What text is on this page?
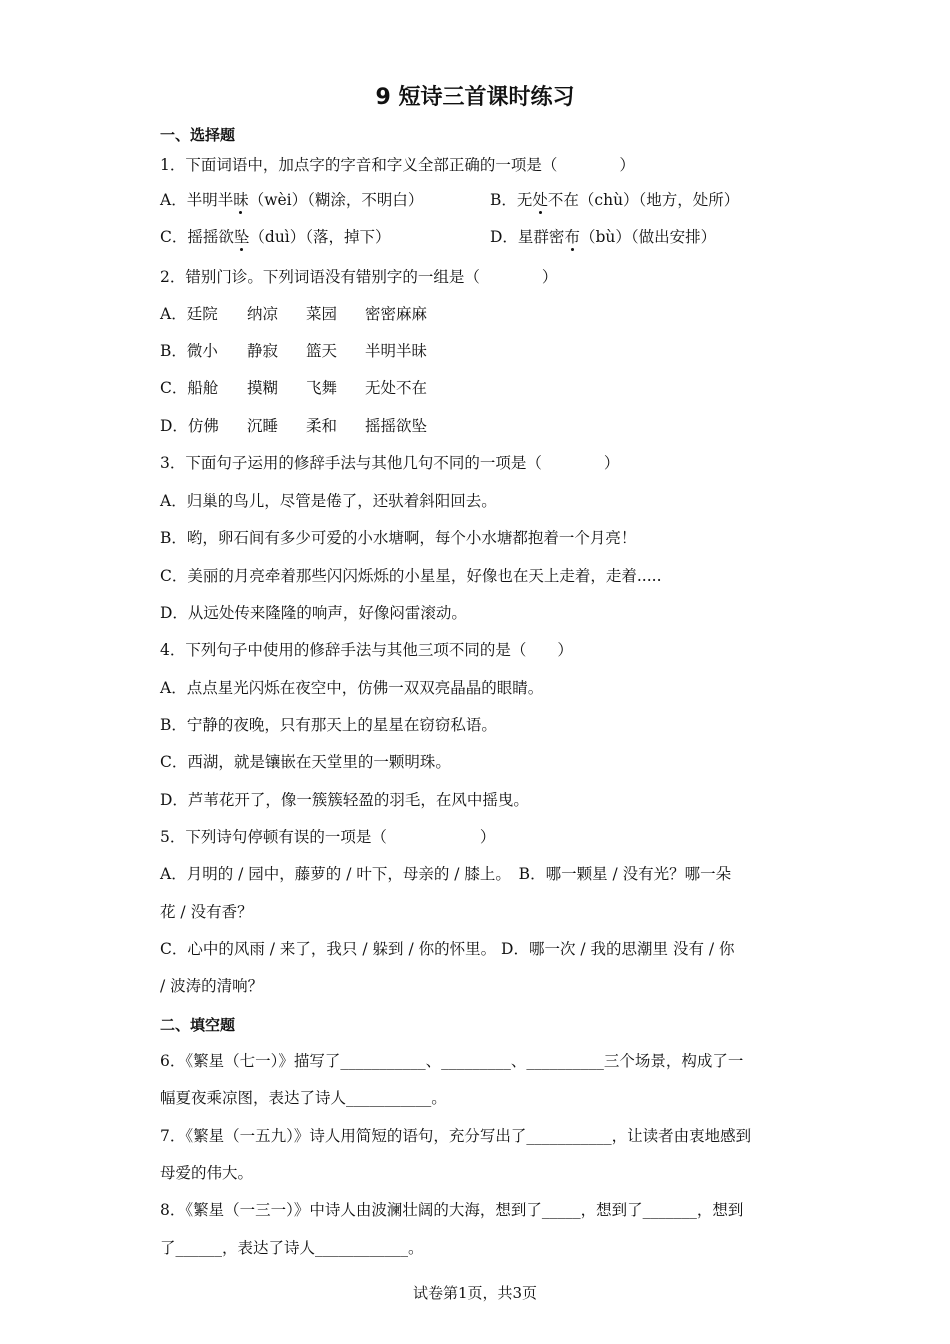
9 短诗三首课时练习
一、选择题
1．下面词语中，加点字的字音和字义全部正确的一项是（　　　　）
A．半明半昧（wèi）（糊涂，不明白）	B．无处不在（chù）（地方，处所）
C．摇摇欲坠（duì）（落，掉下）	D．星群密布（bù）（做出安排）
2．错别门诊。下列词语没有错别字的一组是（　　　　）
A．廷院 纳凉 菜园 密密麻麻
B．微小 静寂 篮天 半明半昧
C．船舱 摸糊 飞舞 无处不在
D．仿佛 沉睡 柔和 摇摇欲坠
3．下面句子运用的修辞手法与其他几句不同的一项是（　　　　）
A．归巢的鸟儿，尽管是倦了，还驮着斜阳回去。
B．哟，卵石间有多少可爱的小水塘啊，每个小水塘都抱着一个月亮！
C．美丽的月亮牵着那些闪闪烁烁的小星星，好像也在天上走着，走着.....
D．从远处传来隆隆的响声，好像闷雷滚动。
4．下列句子中使用的修辞手法与其他三项不同的是（　　）
A．点点星光闪烁在夜空中，仿佛一双双亮晶晶的眼睛。
B．宁静的夜晚，只有那天上的星星在窃窃私语。
C．西湖，就是镶嵌在天堂里的一颗明珠。
D．芦苇花开了，像一簇簇轻盈的羽毛，在风中摇曳。
5．下列诗句停顿有误的一项是（　　　　　　）
A．月明的 / 园中，藤萝的 / 叶下，母亲的 / 膝上。　B．哪一颗星 / 没有光？哪一朵
花 / 没有香？
C．心中的风雨 / 来了，我只 / 躲到 / 你的怀里。 D．哪一次 / 我的思潮里 没有 / 你
/ 波涛的清响？
二、填空题
6．《繁星（七一）》描写了___________、_________、__________三个场景，构成了一
幅夏夜乘凉图，表达了诗人___________。
7．《繁星（一五九）》诗人用简短的语句，充分写出了___________，让读者由衷地感到
母爱的伟大。
8．《繁星（一三一）》中诗人由波澜壮阔的大海，想到了_____，想到了_______，想到
了______，表达了诗人____________。
试卷第1页，共3页
